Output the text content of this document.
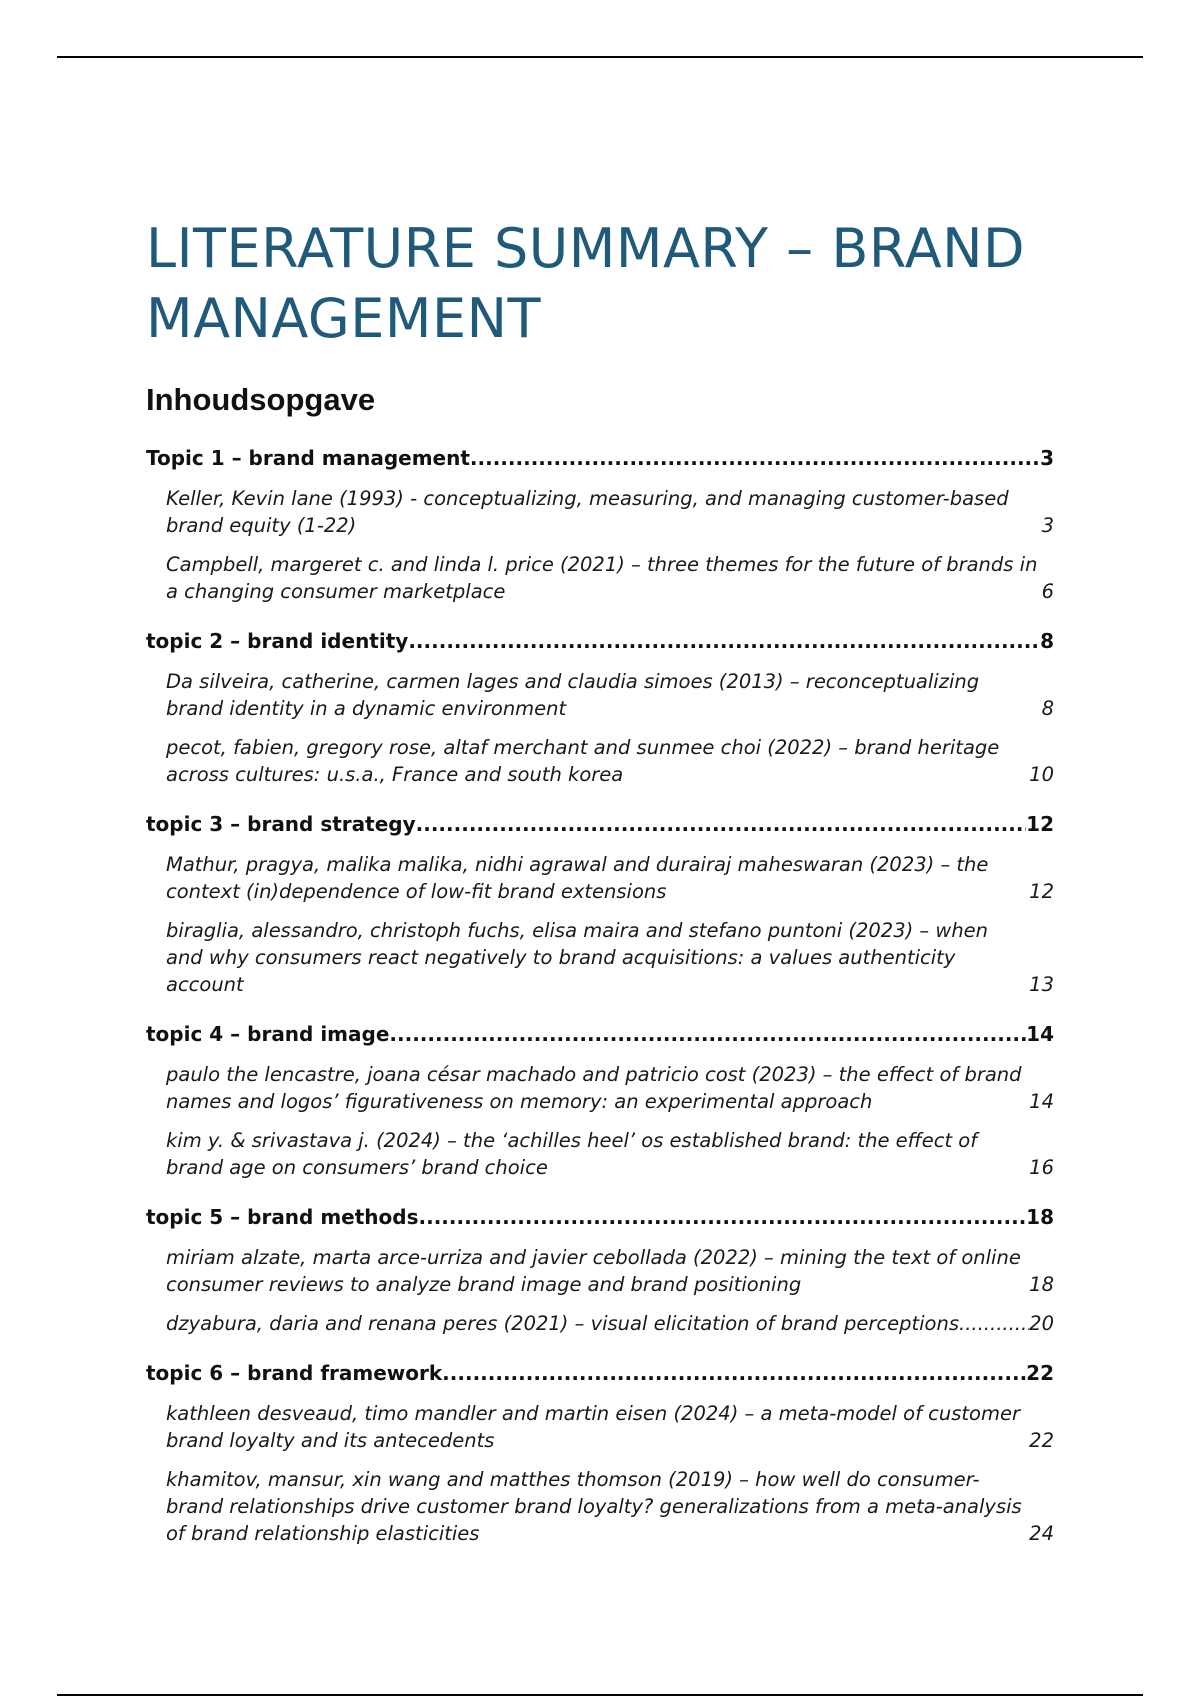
LITERATURE SUMMARY – BRAND MANAGEMENT
Inhoudsopgave
Topic 1 – brand management .....	3
Keller, Kevin lane (1993) - conceptualizing, measuring, and managing customer-based brand equity (1-22)	3
Campbell, margeret c. and linda l. price (2021) – three themes for the future of brands in a changing consumer marketplace	6
topic 2 – brand identity .....	8
Da silveira, catherine, carmen lages and claudia simoes (2013) – reconceptualizing brand identity in a dynamic environment	8
pecot, fabien, gregory rose, altaf merchant and sunmee choi (2022) – brand heritage across cultures: u.s.a., France and south korea	10
topic 3 – brand strategy .....	12
Mathur, pragya, malika malika, nidhi agrawal and durairaj maheswaran (2023) – the context (in)dependence of low-fit brand extensions	12
biraglia, alessandro, christoph fuchs, elisa maira and stefano puntoni (2023) – when and why consumers react negatively to brand acquisitions: a values authenticity account	13
topic 4 – brand image .....	14
paulo the lencastre, joana césar machado and patricio cost (2023) – the effect of brand names and logos’ figurativeness on memory: an experimental approach	14
kim y. & srivastava j. (2024) – the ‘achilles heel’ os established brand: the effect of brand age on consumers’ brand choice	16
topic 5 – brand methods .....	18
miriam alzate, marta arce-urriza and javier cebollada (2022) – mining the text of online consumer reviews to analyze brand image and brand positioning	18
dzyabura, daria and renana peres (2021) – visual elicitation of brand perceptions .....	20
topic 6 – brand framework .....	22
kathleen desveaud, timo mandler and martin eisen (2024) – a meta-model of customer brand loyalty and its antecedents	22
khamitov, mansur, xin wang and matthes thomson (2019) – how well do consumer-brand relationships drive customer brand loyalty? generalizations from a meta-analysis of brand relationship elasticities	24
